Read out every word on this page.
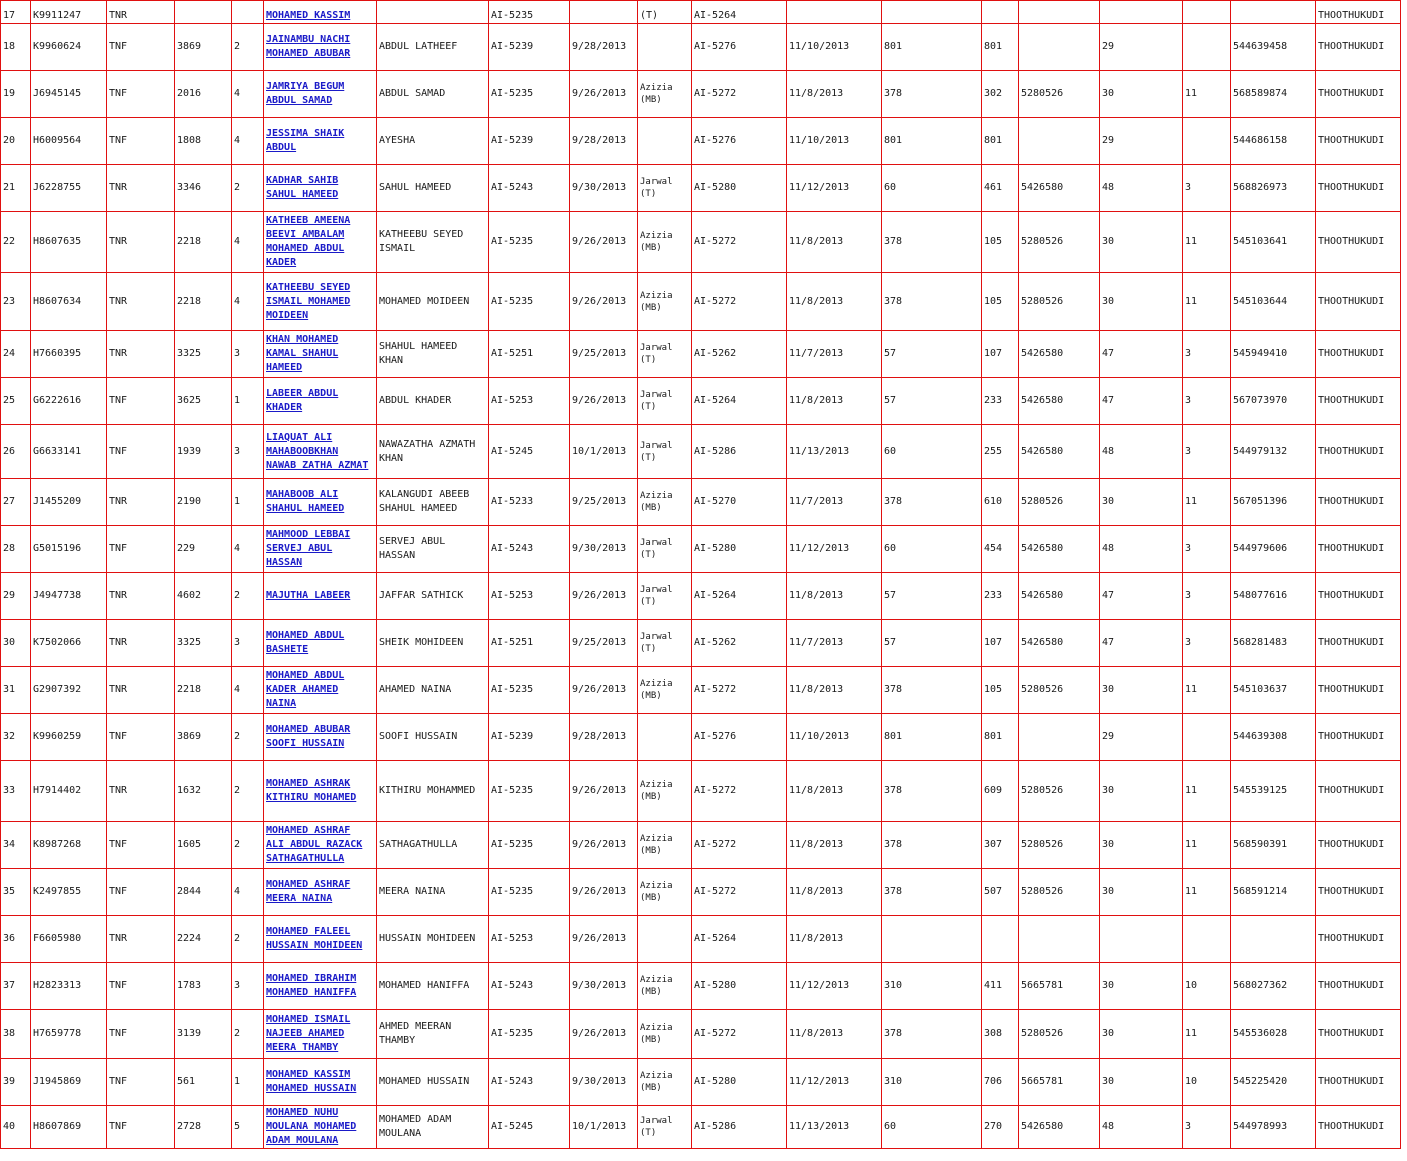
17	K9911247	TNR			MOHAMED KASSIM		AI-5235		(T)	AI-5264								THOOTHUKUDI
18	K9960624	TNF	3869	2	JAINAMBU NACHI MOHAMED ABUBAR	ABDUL LATHEEF	AI-5239	9/28/2013		AI-5276	11/10/2013	801	801		29		544639458	THOOTHUKUDI
19	J6945145	TNF	2016	4	JAMRIYA BEGUM ABDUL SAMAD	ABDUL SAMAD	AI-5235	9/26/2013	Azizia (MB)	AI-5272	11/8/2013	378	302	5280526	30	11	568589874	THOOTHUKUDI
20	H6009564	TNF	1808	4	JESSIMA SHAIK ABDUL	AYESHA	AI-5239	9/28/2013		AI-5276	11/10/2013	801	801		29		544686158	THOOTHUKUDI
21	J6228755	TNR	3346	2	KADHAR SAHIB SAHUL HAMEED	SAHUL HAMEED	AI-5243	9/30/2013	Jarwal (T)	AI-5280	11/12/2013	60	461	5426580	48	3	568826973	THOOTHUKUDI
22	H8607635	TNR	2218	4	KATHEEB AMEENA BEEVI AMBALAM MOHAMED ABDUL KADER	KATHEEBU SEYED ISMAIL	AI-5235	9/26/2013	Azizia (MB)	AI-5272	11/8/2013	378	105	5280526	30	11	545103641	THOOTHUKUDI
23	H8607634	TNR	2218	4	KATHEEBU SEYED ISMAIL MOHAMED MOIDEEN	MOHAMED MOIDEEN	AI-5235	9/26/2013	Azizia (MB)	AI-5272	11/8/2013	378	105	5280526	30	11	545103644	THOOTHUKUDI
24	H7660395	TNR	3325	3	KHAN MOHAMED KAMAL SHAHUL HAMEED	SHAHUL HAMEED KHAN	AI-5251	9/25/2013	Jarwal (T)	AI-5262	11/7/2013	57	107	5426580	47	3	545949410	THOOTHUKUDI
25	G6222616	TNF	3625	1	LABEER ABDUL KHADER	ABDUL KHADER	AI-5253	9/26/2013	Jarwal (T)	AI-5264	11/8/2013	57	233	5426580	47	3	567073970	THOOTHUKUDI
26	G6633141	TNF	1939	3	LIAQUAT ALI MAHABOOBKHAN NAWAB ZATHA AZMAT	NAWAZATHA AZMATH KHAN	AI-5245	10/1/2013	Jarwal (T)	AI-5286	11/13/2013	60	255	5426580	48	3	544979132	THOOTHUKUDI
27	J1455209	TNR	2190	1	MAHABOOB ALI SHAHUL HAMEED	KALANGUDI ABEEB SHAHUL HAMEED	AI-5233	9/25/2013	Azizia (MB)	AI-5270	11/7/2013	378	610	5280526	30	11	567051396	THOOTHUKUDI
28	G5015196	TNF	229	4	MAHMOOD LEBBAI SERVEJ ABUL HASSAN	SERVEJ ABUL HASSAN	AI-5243	9/30/2013	Jarwal (T)	AI-5280	11/12/2013	60	454	5426580	48	3	544979606	THOOTHUKUDI
29	J4947738	TNR	4602	2	MAJUTHA LABEER	JAFFAR SATHICK	AI-5253	9/26/2013	Jarwal (T)	AI-5264	11/8/2013	57	233	5426580	47	3	548077616	THOOTHUKUDI
30	K7502066	TNR	3325	3	MOHAMED ABDUL BASHETE	SHEIK MOHIDEEN	AI-5251	9/25/2013	Jarwal (T)	AI-5262	11/7/2013	57	107	5426580	47	3	568281483	THOOTHUKUDI
31	G2907392	TNR	2218	4	MOHAMED ABDUL KADER AHAMED NAINA	AHAMED NAINA	AI-5235	9/26/2013	Azizia (MB)	AI-5272	11/8/2013	378	105	5280526	30	11	545103637	THOOTHUKUDI
32	K9960259	TNF	3869	2	MOHAMED ABUBAR SOOFI HUSSAIN	SOOFI HUSSAIN	AI-5239	9/28/2013		AI-5276	11/10/2013	801	801		29		544639308	THOOTHUKUDI
33	H7914402	TNR	1632	2	MOHAMED ASHRAK KITHIRU MOHAMED	KITHIRU MOHAMMED	AI-5235	9/26/2013	Azizia (MB)	AI-5272	11/8/2013	378	609	5280526	30	11	545539125	THOOTHUKUDI
34	K8987268	TNF	1605	2	MOHAMED ASHRAF ALI ABDUL RAZACK SATHAGATHULLA	SATHAGATHULLA	AI-5235	9/26/2013	Azizia (MB)	AI-5272	11/8/2013	378	307	5280526	30	11	568590391	THOOTHUKUDI
35	K2497855	TNF	2844	4	MOHAMED ASHRAF MEERA NAINA	MEERA NAINA	AI-5235	9/26/2013	Azizia (MB)	AI-5272	11/8/2013	378	507	5280526	30	11	568591214	THOOTHUKUDI
36	F6605980	TNR	2224	2	MOHAMED FALEEL HUSSAIN MOHIDEEN	HUSSAIN MOHIDEEN	AI-5253	9/26/2013		AI-5264	11/8/2013							THOOTHUKUDI
37	H2823313	TNF	1783	3	MOHAMED IBRAHIM MOHAMED HANIFFA	MOHAMED HANIFFA	AI-5243	9/30/2013	Azizia (MB)	AI-5280	11/12/2013	310	411	5665781	30	10	568027362	THOOTHUKUDI
38	H7659778	TNF	3139	2	MOHAMED ISMAIL NAJEEB AHAMED MEERA THAMBY	AHMED MEERAN THAMBY	AI-5235	9/26/2013	Azizia (MB)	AI-5272	11/8/2013	378	308	5280526	30	11	545536028	THOOTHUKUDI
39	J1945869	TNF	561	1	MOHAMED KASSIM MOHAMED HUSSAIN	MOHAMED HUSSAIN	AI-5243	9/30/2013	Azizia (MB)	AI-5280	11/12/2013	310	706	5665781	30	10	545225420	THOOTHUKUDI
40	H8607869	TNF	2728	5	MOHAMED NUHU MOULANA MOHAMED ADAM MOULANA	MOHAMED ADAM MOULANA	AI-5245	10/1/2013	Jarwal (T)	AI-5286	11/13/2013	60	270	5426580	48	3	544978993	THOOTHUKUDI
